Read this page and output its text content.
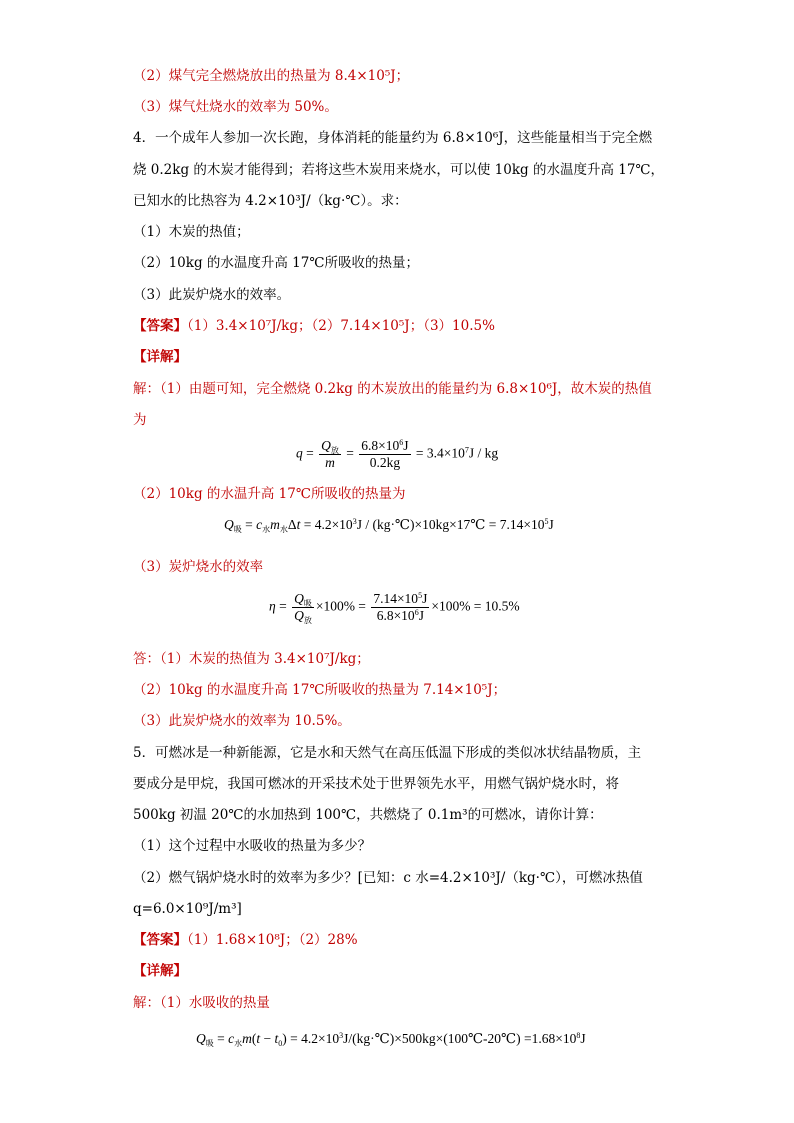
（2）煤气完全燃烧放出的热量为 8.4×10⁵J；
（3）煤气灶烧水的效率为 50%。
4．一个成年人参加一次长跑，身体消耗的能量约为 6.8×10⁶J，这些能量相当于完全燃
烧 0.2kg 的木炭才能得到；若将这些木炭用来烧水，可以使 10kg 的水温度升高 17℃，
已知水的比热容为 4.2×10³J/（kg·℃）。求：
（1）木炭的热值；
（2）10kg 的水温度升高 17℃所吸收的热量；
（3）此炭炉烧水的效率。
【答案】（1）3.4×10⁷J/kg；（2）7.14×10⁵J；（3）10.5%
【详解】
解：（1）由题可知，完全燃烧 0.2kg 的木炭放出的能量约为 6.8×10⁶J，故木炭的热值
为
$q = \frac{Q_放}{m} = \frac{6.8\times 10^6J}{0.2kg} = 3.4\times 10^7J$ / kg
（2）10kg 的水温升高 17℃所吸收的热量为
$Q_吸 = c_水m_水\Delta t = 4.2\times 10^3J$ / (kg·℃)×10kg×17℃ = $7.14\times 10^5J$
（3）炭炉烧水的效率
$\eta = \frac{Q_吸}{Q_放} \times 100\% = \frac{7.14\times 10^5J}{6.8\times 10^6J} \times 100\% = 10.5\%$
答：（1）木炭的热值为 3.4×10⁷J/kg；
（2）10kg 的水温度升高 17℃所吸收的热量为 7.14×10⁵J；
（3）此炭炉烧水的效率为 10.5%。
5．可燃冰是一种新能源，它是水和天然气在高压低温下形成的类似冰状结晶物质，主
要成分是甲烷，我国可燃冰的开采技术处于世界领先水平，用燃气锅炉烧水时，将
500kg 初温 20℃的水加热到 100℃，共燃烧了 0.1m³的可燃冰，请你计算：
（1）这个过程中水吸收的热量为多少？
（2）燃气锅炉烧水时的效率为多少？[已知：c 水=4.2×10³J/（kg·℃），可燃冰热值
q=6.0×10⁹J/m³]
【答案】（1）1.68×10⁸J；（2）28%
【详解】
解：（1）水吸收的热量
$Q_吸 = c_水m(t - t_0)$ = $4.2\times 10^3J/(kg\cdot℃)\times 500kg\times(100℃-20℃) =1.68\times 10^8J$
